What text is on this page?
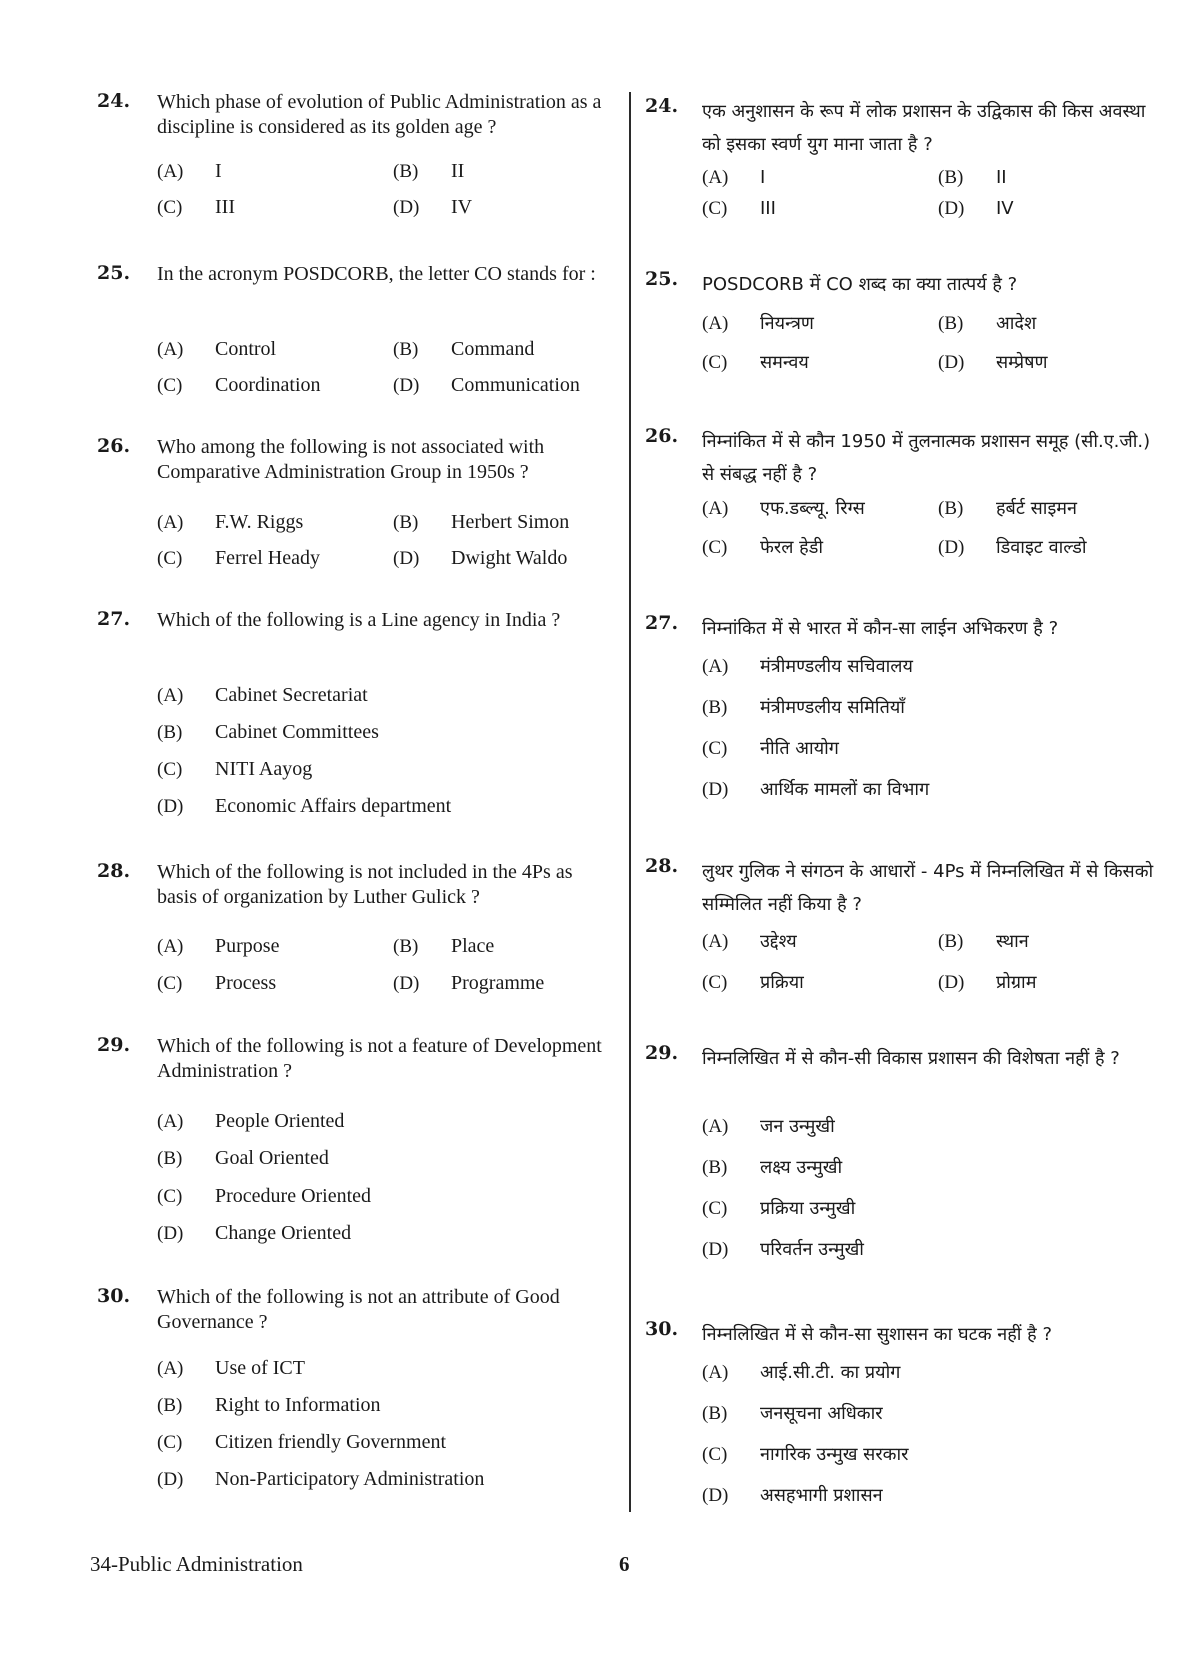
24. Which phase of evolution of Public Administration as a discipline is considered as its golden age ?
(A) I	(B) II
(C) III	(D) IV
25. In the acronym POSDCORB, the letter CO stands for :
(A) Control	(B) Command
(C) Coordination	(D) Communication
26. Who among the following is not associated with Comparative Administration Group in 1950s ?
(A) F.W. Riggs	(B) Herbert Simon
(C) Ferrel Heady	(D) Dwight Waldo
27. Which of the following is a Line agency in India ?
(A) Cabinet Secretariat
(B) Cabinet Committees
(C) NITI Aayog
(D) Economic Affairs department
28. Which of the following is not included in the 4Ps as basis of organization by Luther Gulick ?
(A) Purpose	(B) Place
(C) Process	(D) Programme
29. Which of the following is not a feature of Development Administration ?
(A) People Oriented
(B) Goal Oriented
(C) Procedure Oriented
(D) Change Oriented
30. Which of the following is not an attribute of Good Governance ?
(A) Use of ICT
(B) Right to Information
(C) Citizen friendly Government
(D) Non-Participatory Administration
24. एक अनुशासन के रूप में लोक प्रशासन के उद्विकास की किस अवस्था को इसका स्वर्ण युग माना जाता है ?
(A) I	(B) II
(C) III	(D) IV
25. POSDCORB में CO शब्द का क्या तात्पर्य है ?
(A) नियन्त्रण	(B) आदेश
(C) समन्वय	(D) सम्प्रेषण
26. निम्नांकित में से कौन 1950 में तुलनात्मक प्रशासन समूह (सी.ए.जी.) से संबद्ध नहीं है ?
(A) एफ.डब्ल्यू. रिग्स	(B) हर्बर्ट साइमन
(C) फेरल हेडी	(D) डिवाइट वाल्डो
27. निम्नांकित में से भारत में कौन-सा लाईन अभिकरण है ?
(A) मंत्रीमण्डलीय सचिवालय
(B) मंत्रीमण्डलीय समितियाँ
(C) नीति आयोग
(D) आर्थिक मामलों का विभाग
28. लुथर गुलिक ने संगठन के आधारों - 4Ps में निम्नलिखित में से किसको सम्मिलित नहीं किया है ?
(A) उद्देश्य	(B) स्थान
(C) प्रक्रिया	(D) प्रोग्राम
29. निम्नलिखित में से कौन-सी विकास प्रशासन की विशेषता नहीं है ?
(A) जन उन्मुखी
(B) लक्ष्य उन्मुखी
(C) प्रक्रिया उन्मुखी
(D) परिवर्तन उन्मुखी
30. निम्नलिखित में से कौन-सा सुशासन का घटक नहीं है ?
(A) आई.सी.टी. का प्रयोग
(B) जनसूचना अधिकार
(C) नागरिक उन्मुख सरकार
(D) असहभागी प्रशासन
34-Public Administration	6
